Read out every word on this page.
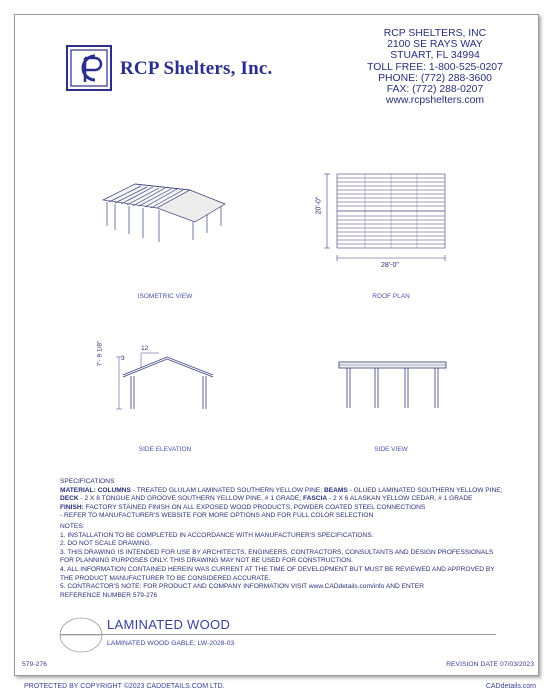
RCP Shelters, Inc.
RCP SHELTERS, INC
2100 SE RAYS WAY
STUART, FL 34994
TOLL FREE: 1-800-525-0207
PHONE: (772) 288-3600
FAX: (772) 288-0207
www.rcpshelters.com
ISOMETRIC VIEW
20'-0"
28'-0"
ROOF PLAN
7'- 9 1/8"	12
3
SIDE ELEVATION	SIDE VIEW
SPECIFICATIONS
MATERIAL: COLUMNS - TREATED GLULAM LAMINATED SOUTHERN YELLOW PINE; BEAMS - GLUED LAMINATED SOUTHERN YELLOW PINE;
DECK - 2 X 8 TONGUE AND GROOVE SOUTHERN YELLOW PINE, # 1 GRADE; FASCIA - 2 X 6 ALASKAN YELLOW CEDAR, # 1 GRADE
FINISH: FACTORY STAINED FINISH ON ALL EXPOSED WOOD PRODUCTS, POWDER COATED STEEL CONNECTIONS
- REFER TO MANUFACTURER'S WEBSITE FOR MORE OPTIONS AND FOR FULL COLOR SELECTION
NOTES:
1. INSTALLATION TO BE COMPLETED IN ACCORDANCE WITH MANUFACTURER'S SPECIFICATIONS.
2. DO NOT SCALE DRAWING.
3. THIS DRAWING IS INTENDED FOR USE BY ARCHITECTS, ENGINEERS, CONTRACTORS, CONSULTANTS AND DESIGN PROFESSIONALS
FOR PLANNING PURPOSES ONLY. THIS DRAWING MAY NOT BE USED FOR CONSTRUCTION.
4. ALL INFORMATION CONTAINED HEREIN WAS CURRENT AT THE TIME OF DEVELOPMENT BUT MUST BE REVIEWED AND APPROVED BY
THE PRODUCT MANUFACTURER TO BE CONSIDERED ACCURATE.
5. CONTRACTOR'S NOTE: FOR PRODUCT AND COMPANY INFORMATION VISIT www.CADdetails.com/info AND ENTER
REFERENCE NUMBER 579-276
LAMINATED WOOD
LAMINATED WOOD GABLE: LW-2028-03
579-276	REVISION DATE 07/03/2023
PROTECTED BY COPYRIGHT ©2023 CADDETAILS.COM LTD.	CADdetails.com
